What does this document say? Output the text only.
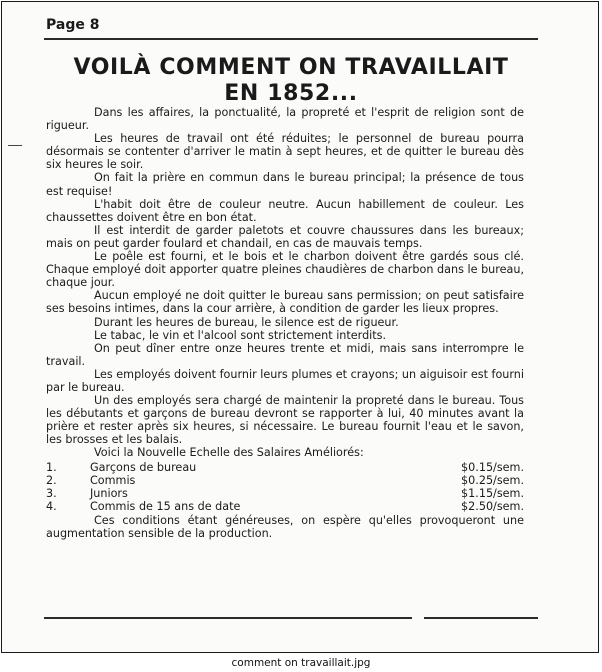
Page 8
VOILÀ COMMENT ON TRAVAILLAIT
EN 1852...

Dans les affaires, la ponctualité, la propreté et l'esprit de religion sont de rigueur.

Les heures de travail ont été réduites; le personnel de bureau pourra désormais se contenter d'arriver le matin à sept heures, et de quitter le bureau dès six heures le soir.

On fait la prière en commun dans le bureau principal; la présence de tous est requise!

L'habit doit être de couleur neutre. Aucun habillement de couleur. Les chaussettes doivent être en bon état.

Il est interdit de garder paletots et couvre chaussures dans les bureaux; mais on peut garder foulard et chandail, en cas de mauvais temps.

Le poêle est fourni, et le bois et le charbon doivent être gardés sous clé. Chaque employé doit apporter quatre pleines chaudières de charbon dans le bureau, chaque jour.

Aucun employé ne doit quitter le bureau sans permission; on peut satisfaire ses besoins intimes, dans la cour arrière, à condition de garder les lieux propres.

Durant les heures de bureau, le silence est de rigueur.

Le tabac, le vin et l'alcool sont strictement interdits.

On peut dîner entre onze heures trente et midi, mais sans interrompre le travail.

Les employés doivent fournir leurs plumes et crayons; un aiguisoir est fourni par le bureau.

Un des employés sera chargé de maintenir la propreté dans le bureau. Tous les débutants et garçons de bureau devront se rapporter à lui, 40 minutes avant la prière et rester après six heures, si nécessaire. Le bureau fournit l'eau et le savon, les brosses et les balais.

Voici la Nouvelle Echelle des Salaires Améliorés:

1.	Garçons de bureau	$0.15/sem.
2.	Commis	$0.25/sem.
3.	Juniors	$1.15/sem.
4.	Commis de 15 ans de date	$2.50/sem.

Ces conditions étant généreuses, on espère qu'elles provoqueront une augmentation sensible de la production.

comment on travaillait.jpg
